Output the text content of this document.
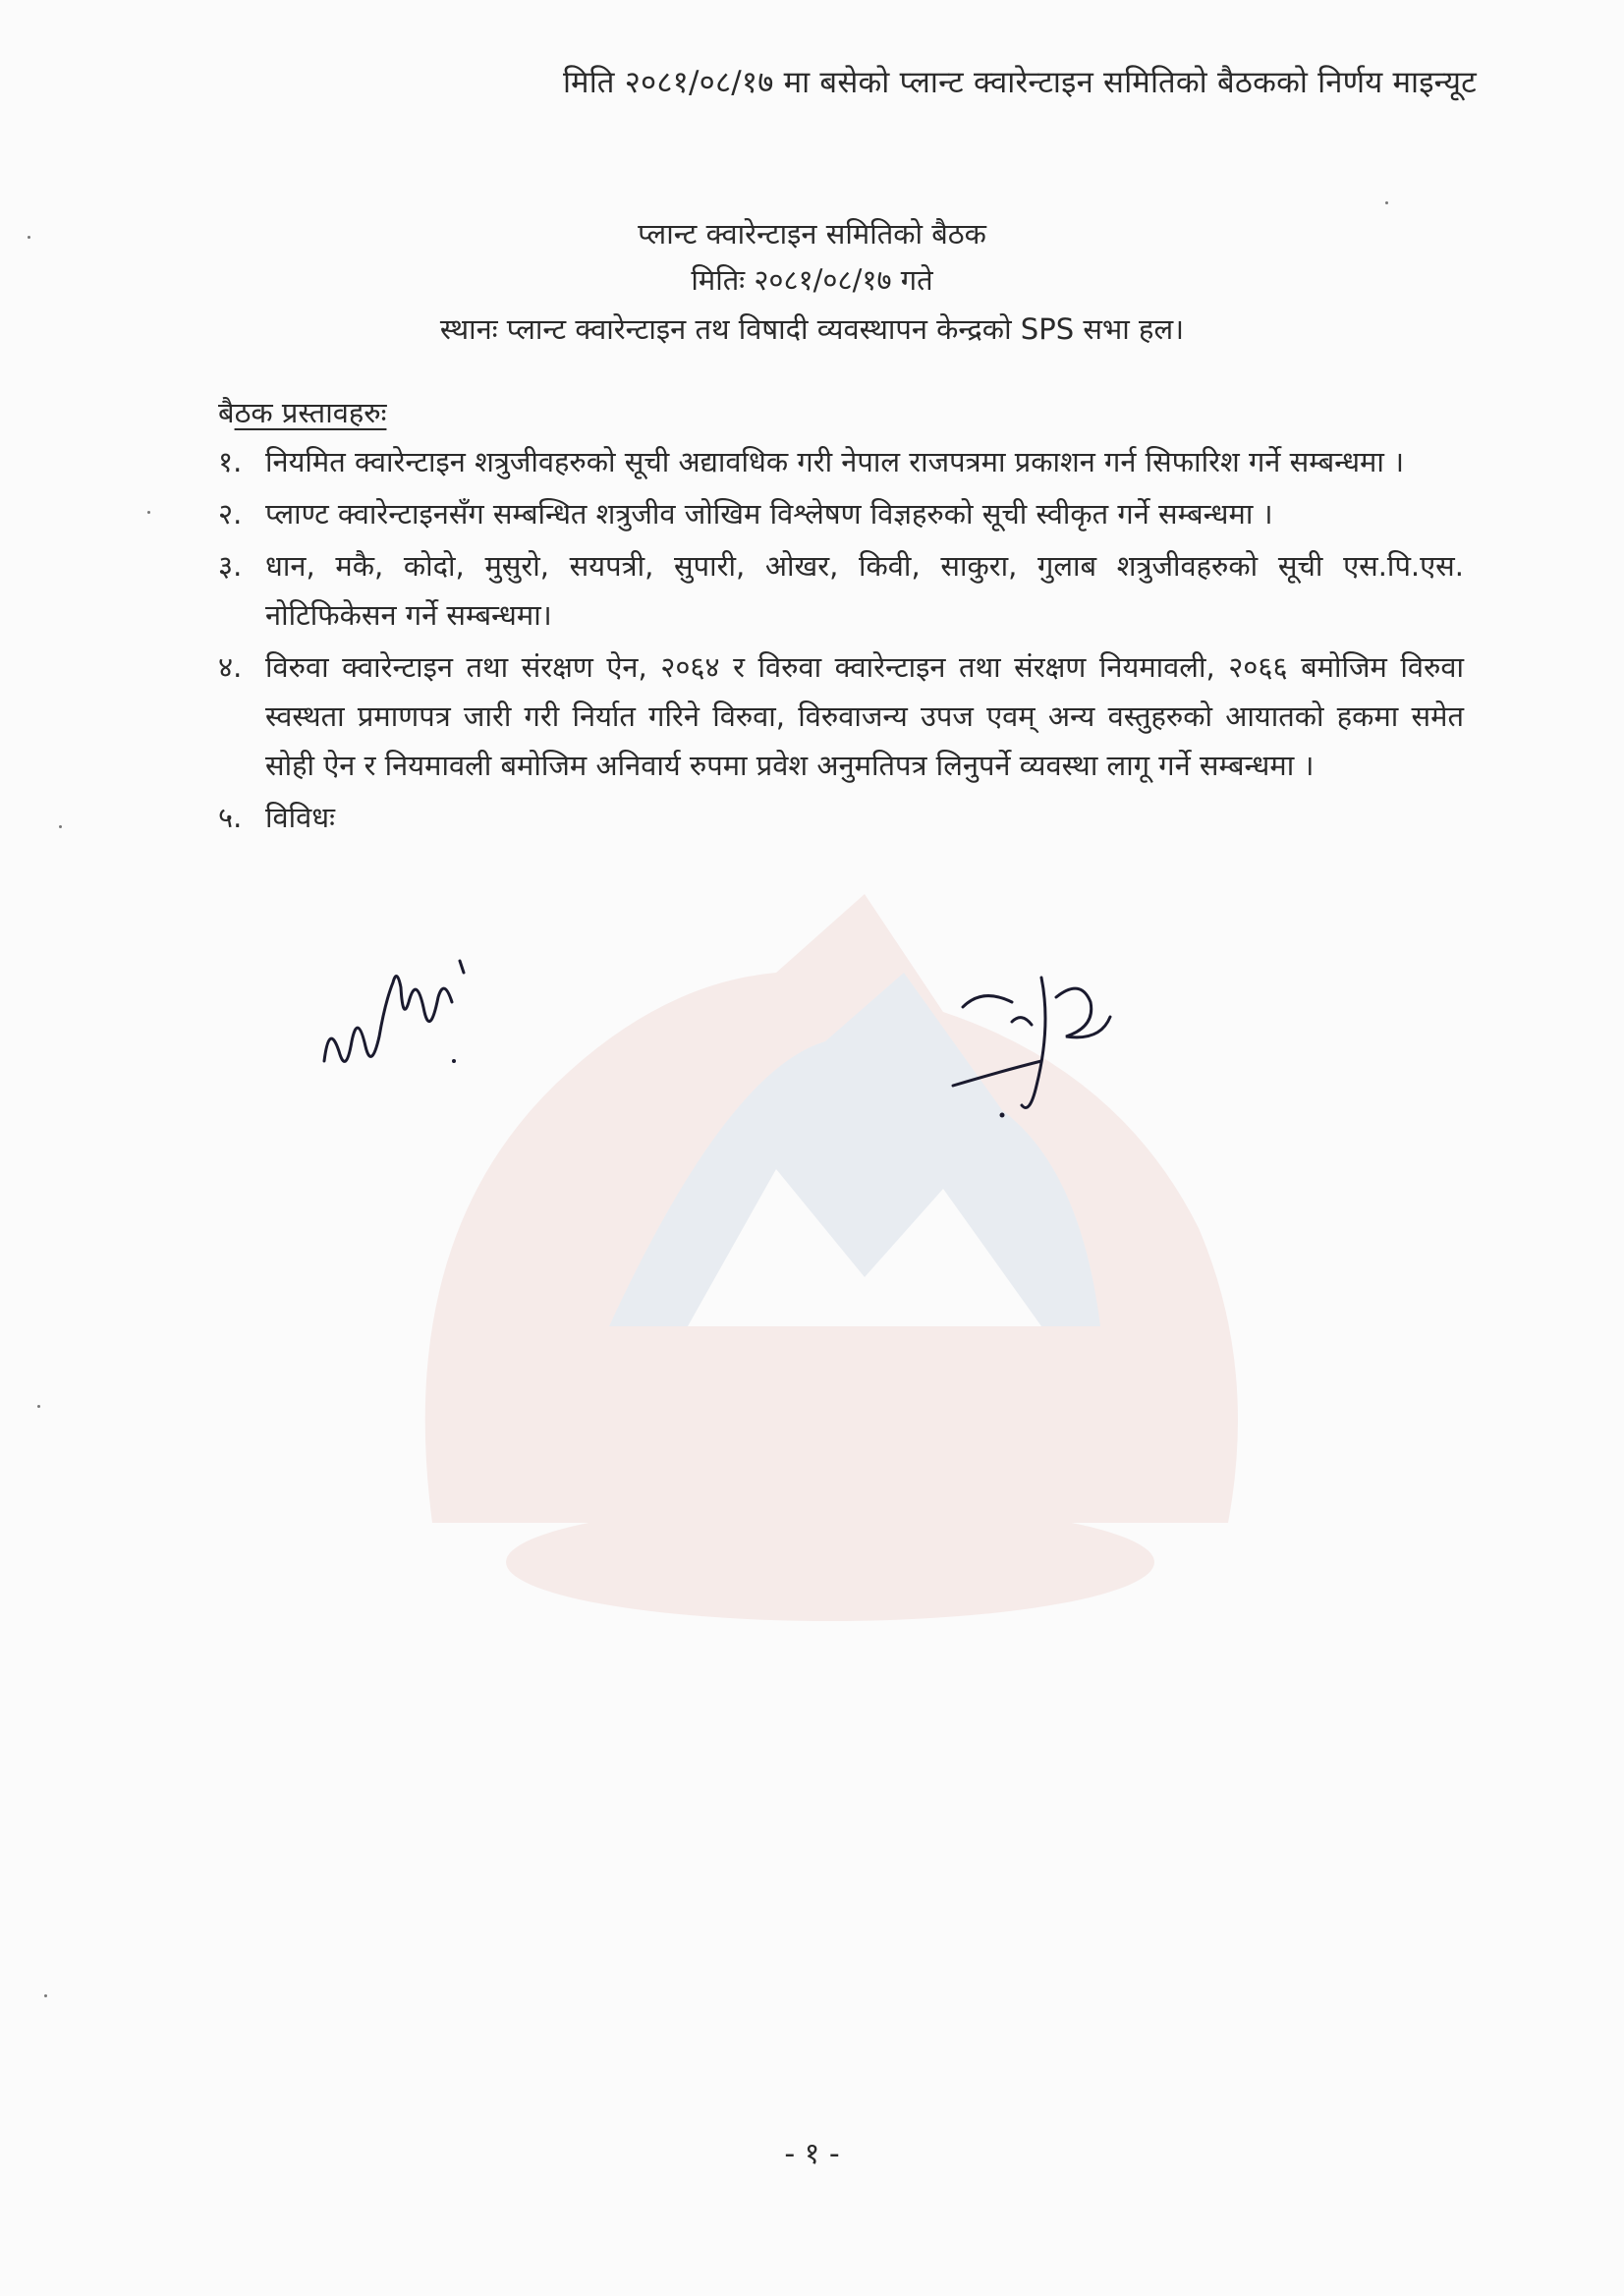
मिति २०८१/०८/१७ मा बसेको प्लान्ट क्वारेन्टाइन समितिको बैठकको निर्णय माइन्यूट
प्लान्ट क्वारेन्टाइन समितिको बैठक
मितिः २०८१/०८/१७ गते
स्थानः प्लान्ट क्वारेन्टाइन तथ विषादी व्यवस्थापन केन्द्रको SPS सभा हल।
बैठक प्रस्तावहरुः
१. नियमित क्वारेन्टाइन शत्रुजीवहरुको सूची अद्यावधिक गरी नेपाल राजपत्रमा प्रकाशन गर्न सिफारिश गर्ने सम्बन्धमा ।
२. प्लाण्ट क्वारेन्टाइनसँग सम्बन्धित शत्रुजीव जोखिम विश्लेषण विज्ञहरुको सूची स्वीकृत गर्ने सम्बन्धमा ।
३. धान, मकै, कोदो, मुसुरो, सयपत्री, सुपारी, ओखर, किवी, साकुरा, गुलाब शत्रुजीवहरुको सूची एस.पि.एस. नोटिफिकेसन गर्ने सम्बन्धमा।
४. विरुवा क्वारेन्टाइन तथा संरक्षण ऐन, २०६४ र विरुवा क्वारेन्टाइन तथा संरक्षण नियमावली, २०६६ बमोजिम विरुवा स्वस्थता प्रमाणपत्र जारी गरी निर्यात गरिने विरुवा, विरुवाजन्य उपज एवम् अन्य वस्तुहरुको आयातको हकमा समेत सोही ऐन र नियमावली बमोजिम अनिवार्य रुपमा प्रवेश अनुमतिपत्र लिनुपर्ने व्यवस्था लागू गर्ने सम्बन्धमा ।
५. विविधः
- १ -
